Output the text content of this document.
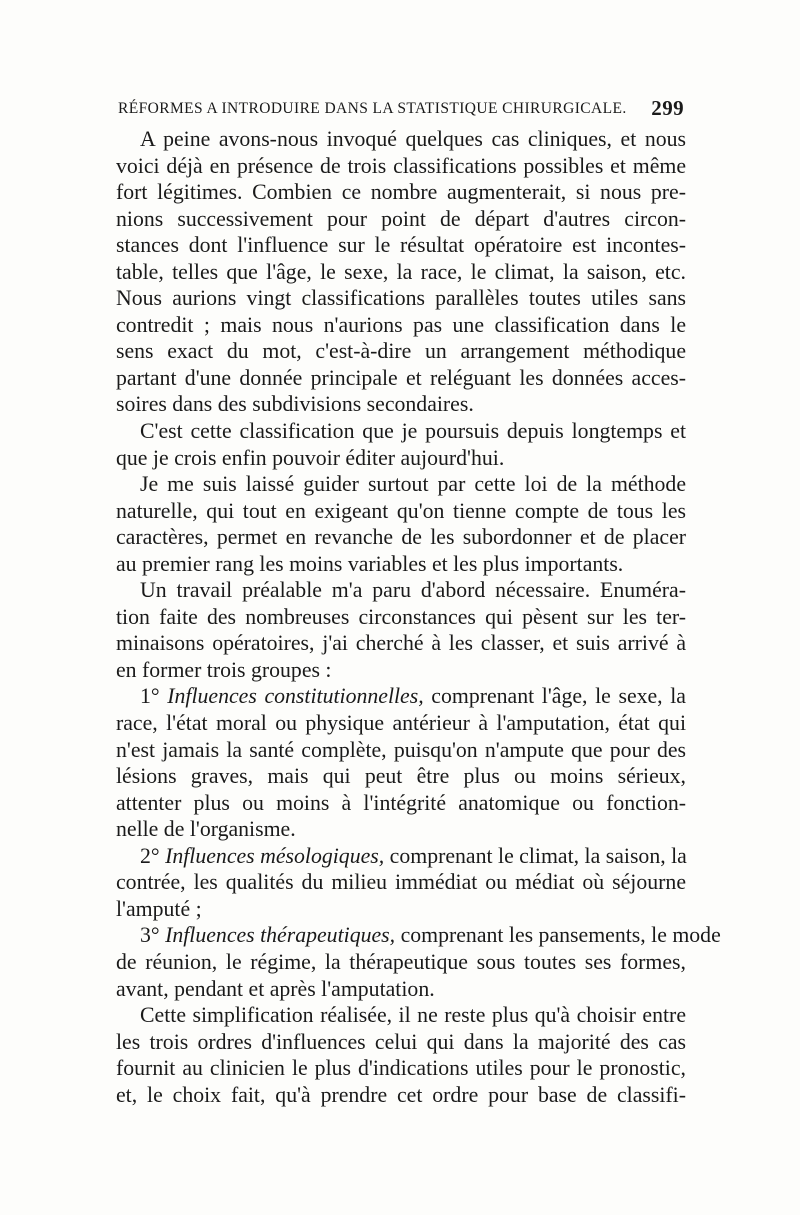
RÉFORMES A INTRODUIRE DANS LA STATISTIQUE CHIRURGICALE. 299
A peine avons-nous invoqué quelques cas cliniques, et nous
voici déjà en présence de trois classifications possibles et même
fort légitimes. Combien ce nombre augmenterait, si nous pre-
nions successivement pour point de départ d'autres circon-
stances dont l'influence sur le résultat opératoire est incontes-
table, telles que l'âge, le sexe, la race, le climat, la saison, etc.
Nous aurions vingt classifications parallèles toutes utiles sans
contredit ; mais nous n'aurions pas une classification dans le
sens exact du mot, c'est-à-dire un arrangement méthodique
partant d'une donnée principale et reléguant les données acces-
soires dans des subdivisions secondaires.
C'est cette classification que je poursuis depuis longtemps et
que je crois enfin pouvoir éditer aujourd'hui.
Je me suis laissé guider surtout par cette loi de la méthode
naturelle, qui tout en exigeant qu'on tienne compte de tous les
caractères, permet en revanche de les subordonner et de placer
au premier rang les moins variables et les plus importants.
Un travail préalable m'a paru d'abord nécessaire. Enuméra-
tion faite des nombreuses circonstances qui pèsent sur les ter-
minaisons opératoires, j'ai cherché à les classer, et suis arrivé à
en former trois groupes :
1° Influences constitutionnelles, comprenant l'âge, le sexe, la
race, l'état moral ou physique antérieur à l'amputation, état qui
n'est jamais la santé complète, puisqu'on n'ampute que pour des
lésions graves, mais qui peut être plus ou moins sérieux,
attenter plus ou moins à l'intégrité anatomique ou fonction-
nelle de l'organisme.
2° Influences mésologiques, comprenant le climat, la saison, la
contrée, les qualités du milieu immédiat ou médiat où séjourne
l'amputé ;
3° Influences thérapeutiques, comprenant les pansements, le mode
de réunion, le régime, la thérapeutique sous toutes ses formes,
avant, pendant et après l'amputation.
Cette simplification réalisée, il ne reste plus qu'à choisir entre
les trois ordres d'influences celui qui dans la majorité des cas
fournit au clinicien le plus d'indications utiles pour le pronostic,
et, le choix fait, qu'à prendre cet ordre pour base de classifi-
